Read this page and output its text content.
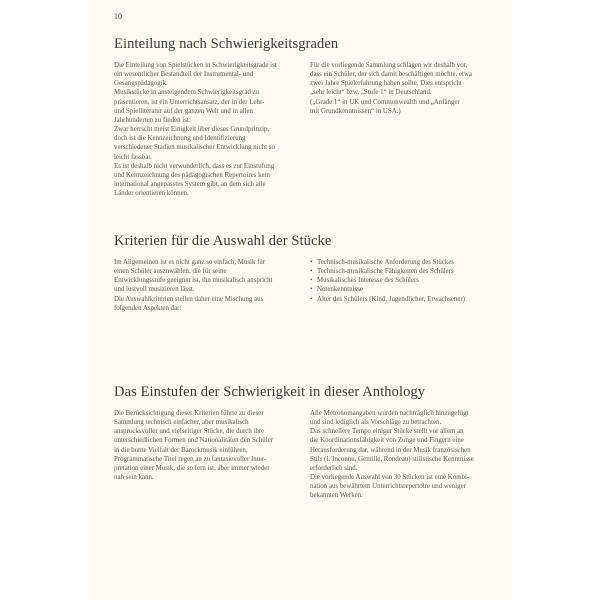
10
Einteilung nach Schwierigkeitsgraden

Die Einteilung von Spielstücken in Schwierigkeitsgrade ist

ein wesentlicher Bestandteil der Instrumental- und

Gesangspädagogik.

Musikstücke in ansteigendem Schwierigkeitsgrad zu

präsentieren, ist ein Unterrichtsansatz, der in der Lehr-

und Spielliteratur auf der ganzen Welt und in allen

Jahrhunderten zu finden ist.

Zwar herrscht meist Einigkeit über dieses Grundprinzip,

doch ist die Kennzeichnung und Identifizierung

verschiedener Stadien musikalischer Entwicklung nicht so

leicht fassbar.

Es ist deshalb nicht verwunderlich, dass es zur Einstufung

und Kennzeichnung des pädagogischen Repertoires kein

international angepasstes System gibt, an dem sich alle

Länder orientieren können.

Für die vorliegende Sammlung schlagen wir deshalb vor,

dass ein Schüler, der sich damit beschäftigen möchte, etwa

zwei Jahre Spielerfahrung haben sollte. Dies entspricht

„sehr leicht“ bzw. „Stufe 1“ in Deutschland.

(„Grade 1“ in UK und Commonwealth und „Anfänger

mit Grundkenntnissen“ in USA.)

Kriterien für die Auswahl der Stücke

Im Allgemeinen ist es nicht ganz so einfach, Musik für

einen Schüler auszuwählen, die für seine

Entwicklungsstufe geeignet ist, ihn musikalisch anspricht

und lustvoll musizieren lässt.

Die Auswahlkriterien stellen daher eine Mischung aus

folgenden Aspekten dar:

• Technisch-musikalische Anforderung des Stückes
• Technisch-musikalische Fähigkeiten des Schülers
• Musikalisches Interesse des Schülers
• Notenkenntnisse
• Alter des Schülers (Kind, Jugendlicher, Erwachsener)
Das Einstufen der Schwierigkeit in dieser Anthology

Die Berücksichtigung dieser Kriterien führte zu dieser

Sammlung technisch einfacher, aber musikalisch

ansprucksvoller und vielseitiger Stücke, die durch ihre

unterschiedlichen Formen und Nationalitäten den Schüler

in die bunte Vielfalt der Barockmusik einführen.

Programmatische Titel regen an zu fantasievoller Inter-

pretation einer Musik, die so fern ist, aber immer wieder

nah sein kann.

Alle Metronomangaben wurden nachträglich hinzugefügt

und sind lediglich als Vorschläge zu betrachten.

Das schnellere Tempo einiger Stücke stellt vor allem an

die Koordinationsfähigkeit von Zunge und Fingern eine

Herausforderung dar, während in der Musik französischen

Stils (L’Inconnu, Gentille, Rondeau) stilistische Kenntnisse

erforderlich sind.

Die vorliegende Auswahl von 30 Stücken ist eine Kombi-

nation aus bewährtem Unterrichtsrepertoire und weniger

bekannten Werken.
